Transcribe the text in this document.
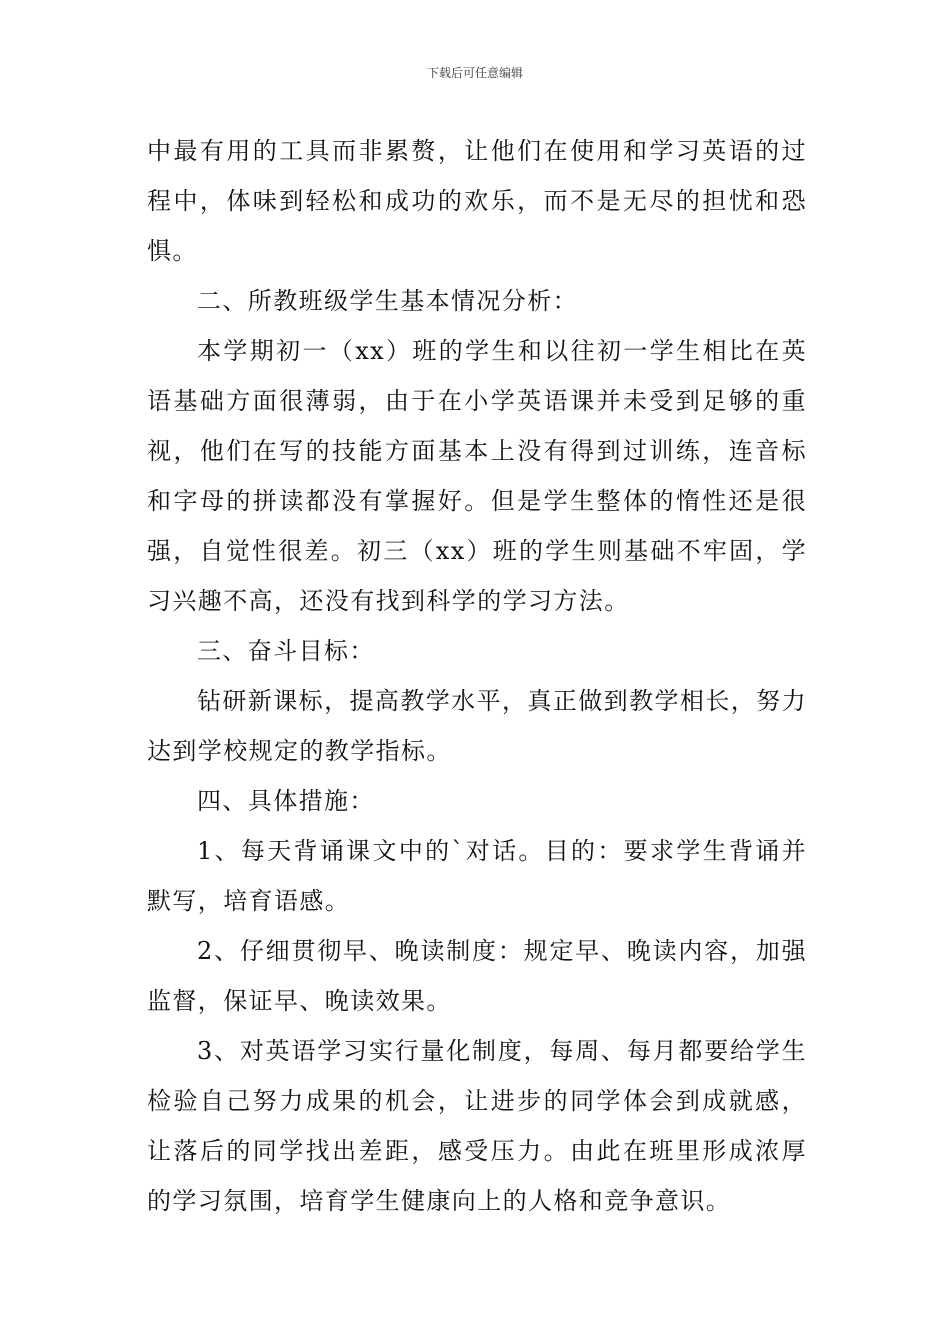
下载后可任意编辑

中最有用的工具而非累赘，让他们在使用和学习英语的过程中，体味到轻松和成功的欢乐，而不是无尽的担忧和恐惧。

二、所教班级学生基本情况分析：

本学期初一（xx）班的学生和以往初一学生相比在英语基础方面很薄弱，由于在小学英语课并未受到足够的重视，他们在写的技能方面基本上没有得到过训练，连音标和字母的拼读都没有掌握好。但是学生整体的惰性还是很强，自觉性很差。初三（xx）班的学生则基础不牢固，学习兴趣不高，还没有找到科学的学习方法。

三、奋斗目标：

钻研新课标，提高教学水平，真正做到教学相长，努力达到学校规定的教学指标。

四、具体措施：

1、每天背诵课文中的`对话。目的：要求学生背诵并默写，培育语感。

2、仔细贯彻早、晚读制度：规定早、晚读内容，加强监督，保证早、晚读效果。

3、对英语学习实行量化制度，每周、每月都要给学生检验自己努力成果的机会，让进步的同学体会到成就感，让落后的同学找出差距，感受压力。由此在班里形成浓厚的学习氛围，培育学生健康向上的人格和竞争意识。
